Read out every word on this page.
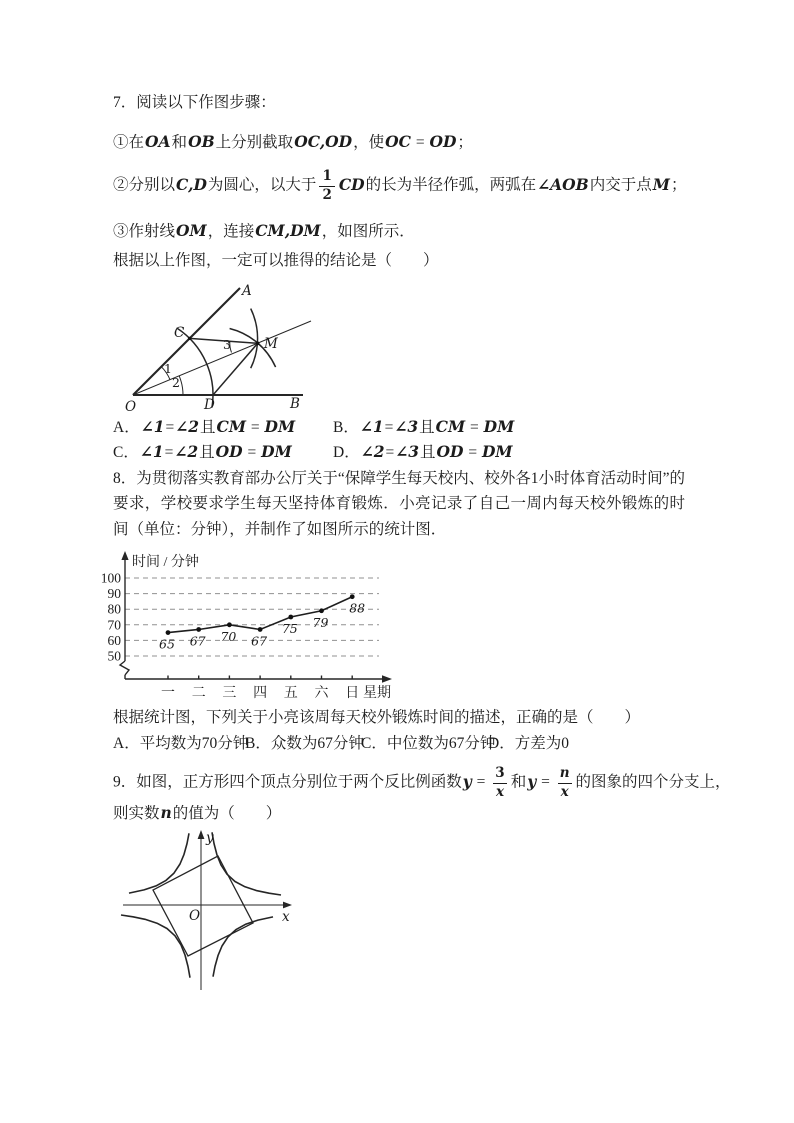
7．阅读以下作图步骤：
①在OA和OB上分别截取OC,OD，使OC = OD；
②分别以C,D为圆心，以大于 $\frac{1}{2}$ CD的长为半径作弧，两弧在∠AOB内交于点M；
③作射线OM，连接CM,DM，如图所示．
根据以上作图，一定可以推得的结论是（　　）
O
A
B
C
D
M
1
2
3
A．∠1=∠2且CM = DM B．∠1=∠3且CM = DM
C．∠1=∠2且OD = DM	D．∠2=∠3且OD = DM
8．为贯彻落实教育部办公厅关于“保障学生每天校内、校外各1小时体育活动时间”的要求，学校要求学生每天坚持体育锻炼．小亮记录了自己一周内每天校外锻炼的时间（单位：分钟），并制作了如图所示的统计图．
50
60
70
80
90
100
时间 / 分钟
一 二 三 四 五 六 日 星期
65 67 70 67
75 79
88
根据统计图，下列关于小亮该周每天校外锻炼时间的描述，正确的是（　　）
A．平均数为70分钟
B．众数为67分钟
C．中位数为67分钟
D．方差为0
9．如图，正方形四个顶点分别位于两个反比例函数$y = \frac{3}{x}$ 和$y = \frac{n}{x}$ 的图象的四个分支上，
则实数n的值为（　　）
y
x
O
